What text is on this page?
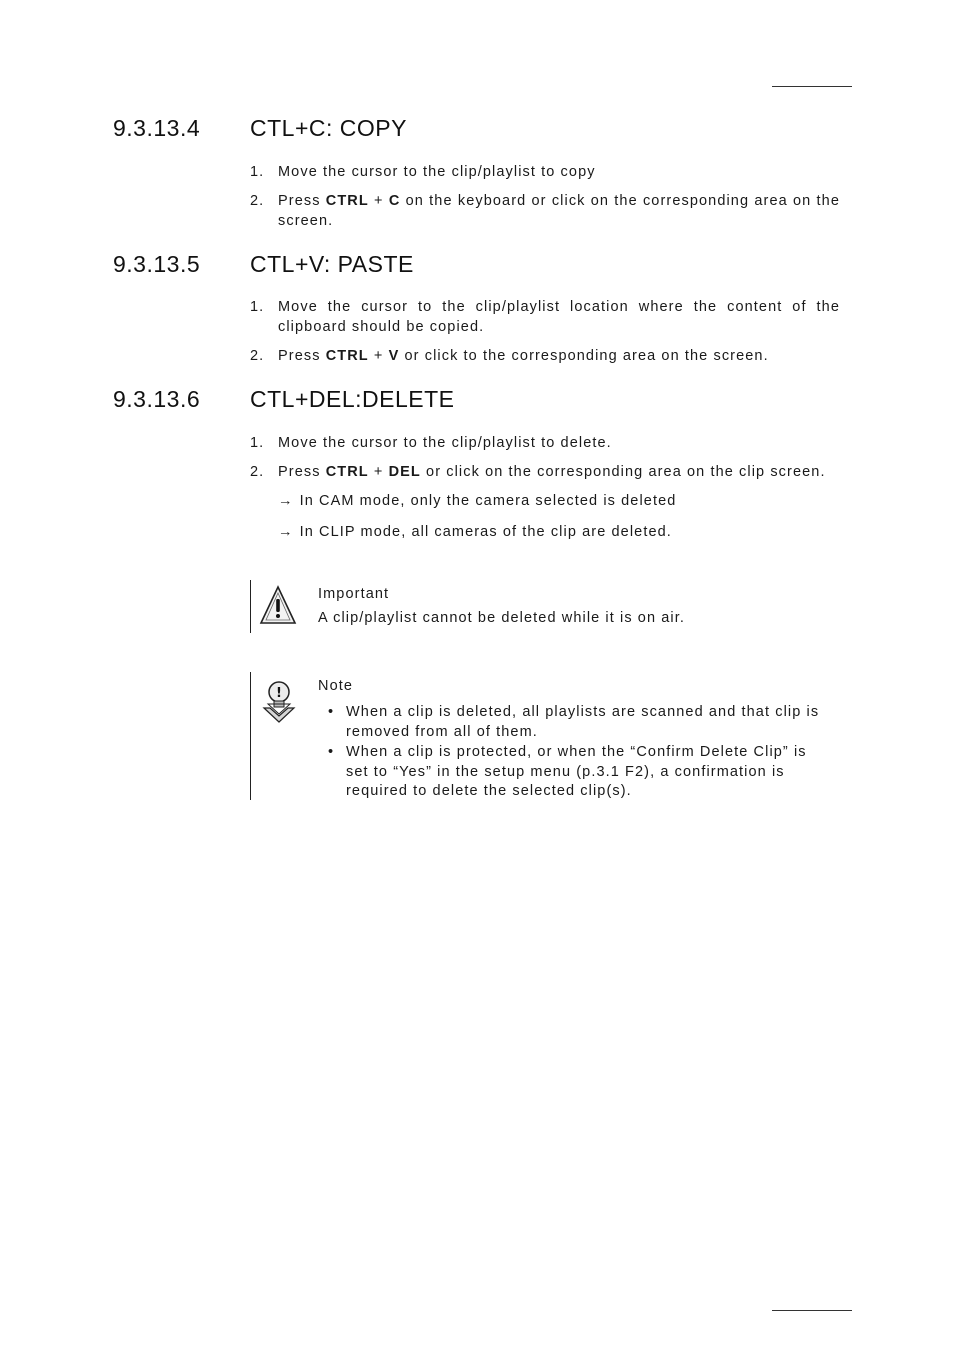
9.3.13.4 CTL+C: COPY
1. Move the cursor to the clip/playlist to copy
2. Press CTRL + C on the keyboard or click on the corresponding area on the screen.
9.3.13.5 CTL+V: PASTE
1. Move the cursor to the clip/playlist location where the content of the clipboard should be copied.
2. Press CTRL + V or click to the corresponding area on the screen.
9.3.13.6 CTL+DEL:DELETE
1. Move the cursor to the clip/playlist to delete.
2. Press CTRL + DEL or click on the corresponding area on the clip screen.
→ In CAM mode, only the camera selected is deleted
→ In CLIP mode, all cameras of the clip are deleted.
Important
A clip/playlist cannot be deleted while it is on air.
! Note
• When a clip is deleted, all playlists are scanned and that clip is removed from all of them.
• When a clip is protected, or when the “Confirm Delete Clip” is set to “Yes” in the setup menu (p.3.1 F2), a confirmation is required to delete the selected clip(s).
